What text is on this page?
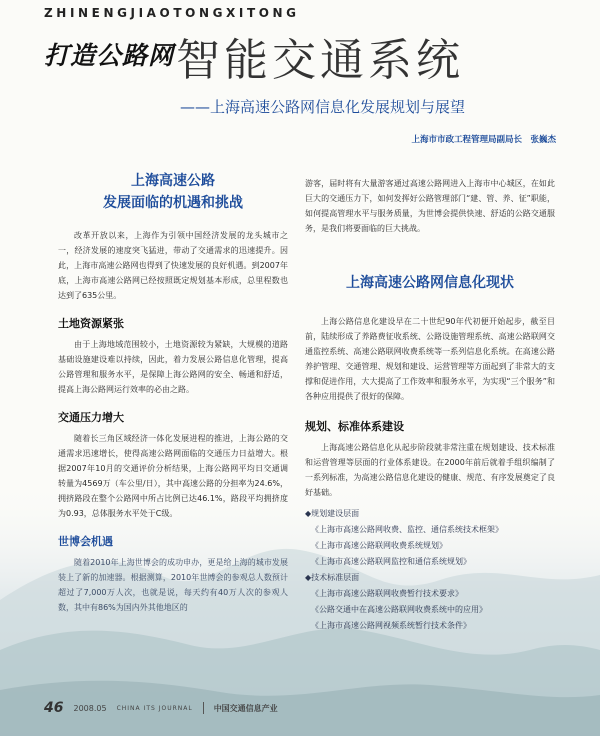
ZHINENGJIAOTONGXITONG
打造公路网 智能交通系统
——上海高速公路网信息化发展规划与展望
上海市市政工程管理局副局长　张巍杰
上海高速公路
发展面临的机遇和挑战

改革开放以来，上海作为引领中国经济发展的龙头城市之一，经济发展的速度突飞猛进，带动了交通需求的迅速提升。因此，上海市高速公路网也得到了快速发展的良好机遇。到2007年底，上海市高速公路网已经按照既定规划基本形成，总里程数也达到了635公里。

土地资源紧张

由于上海地域范围较小，土地资源较为紧缺，大规模的道路基础设施建设难以持续，因此，着力发展公路信息化管理，提高公路管理和服务水平，是保障上海公路网的安全、畅通和舒适，提高上海公路网运行效率的必由之路。

交通压力增大

随着长三角区域经济一体化发展进程的推进，上海公路的交通需求迅速增长，使得高速公路网面临的交通压力日益增大。根据2007年10月的交通评价分析结果，上海公路网平均日交通调转量为4569万（车公里/日），其中高速公路的分担率为24.6%，拥挤路段在整个公路网中所占比例已达46.1%，路段平均拥挤度为0.93，总体服务水平处于C级。

世博会机遇

随着2010年上海世博会的成功申办，更是给上海的城市发展装上了新的加速器。根据测算，2010年世博会的参观总人数预计超过了7,000万人次，也就是说，每天约有40万人次的参观人数，其中有86%为国内外其他地区的

游客，届时将有大量游客通过高速公路网进入上海市中心城区，在如此巨大的交通压力下，如何发挥好公路管理部门“建、管、养、征”职能，如何提高管理水平与服务质量，为世博会提供快速、舒适的公路交通服务，是我们将要面临的巨大挑战。

上海高速公路网信息化现状

上海公路信息化建设早在二十世纪90年代初便开始起步，截至目前，陆续形成了养路费征收系统、公路设施管理系统、高速公路联网交通监控系统、高速公路联网收费系统等一系列信息化系统。在高速公路养护管理、交通管理、规划和建设、运营管理等方面起到了非常大的支撑和促进作用，大大提高了工作效率和服务水平，为实现“三个服务”和各种应用提供了很好的保障。

规划、标准体系建设

上海高速公路信息化从起步阶段就非常注重在规划建设、技术标准和运营管理等层面的行业体系建设。在2000年前后就着手组织编制了一系列标准，为高速公路信息化建设的健康、规范、有序发展奠定了良好基础。

◆规划建设层面
《上海市高速公路网收费、监控、通信系统技术框架》
《上海市高速公路联网收费系统规划》
《上海市高速公路联网监控和通信系统规划》
◆技术标准层面
《上海市高速公路联网收费暂行技术要求》
《公路交通中在高速公路联网收费系统中的应用》
《上海市高速公路网视频系统暂行技术条件》
46 2008.05 CHINA ITS JOURNAL	中国交通信息产业
